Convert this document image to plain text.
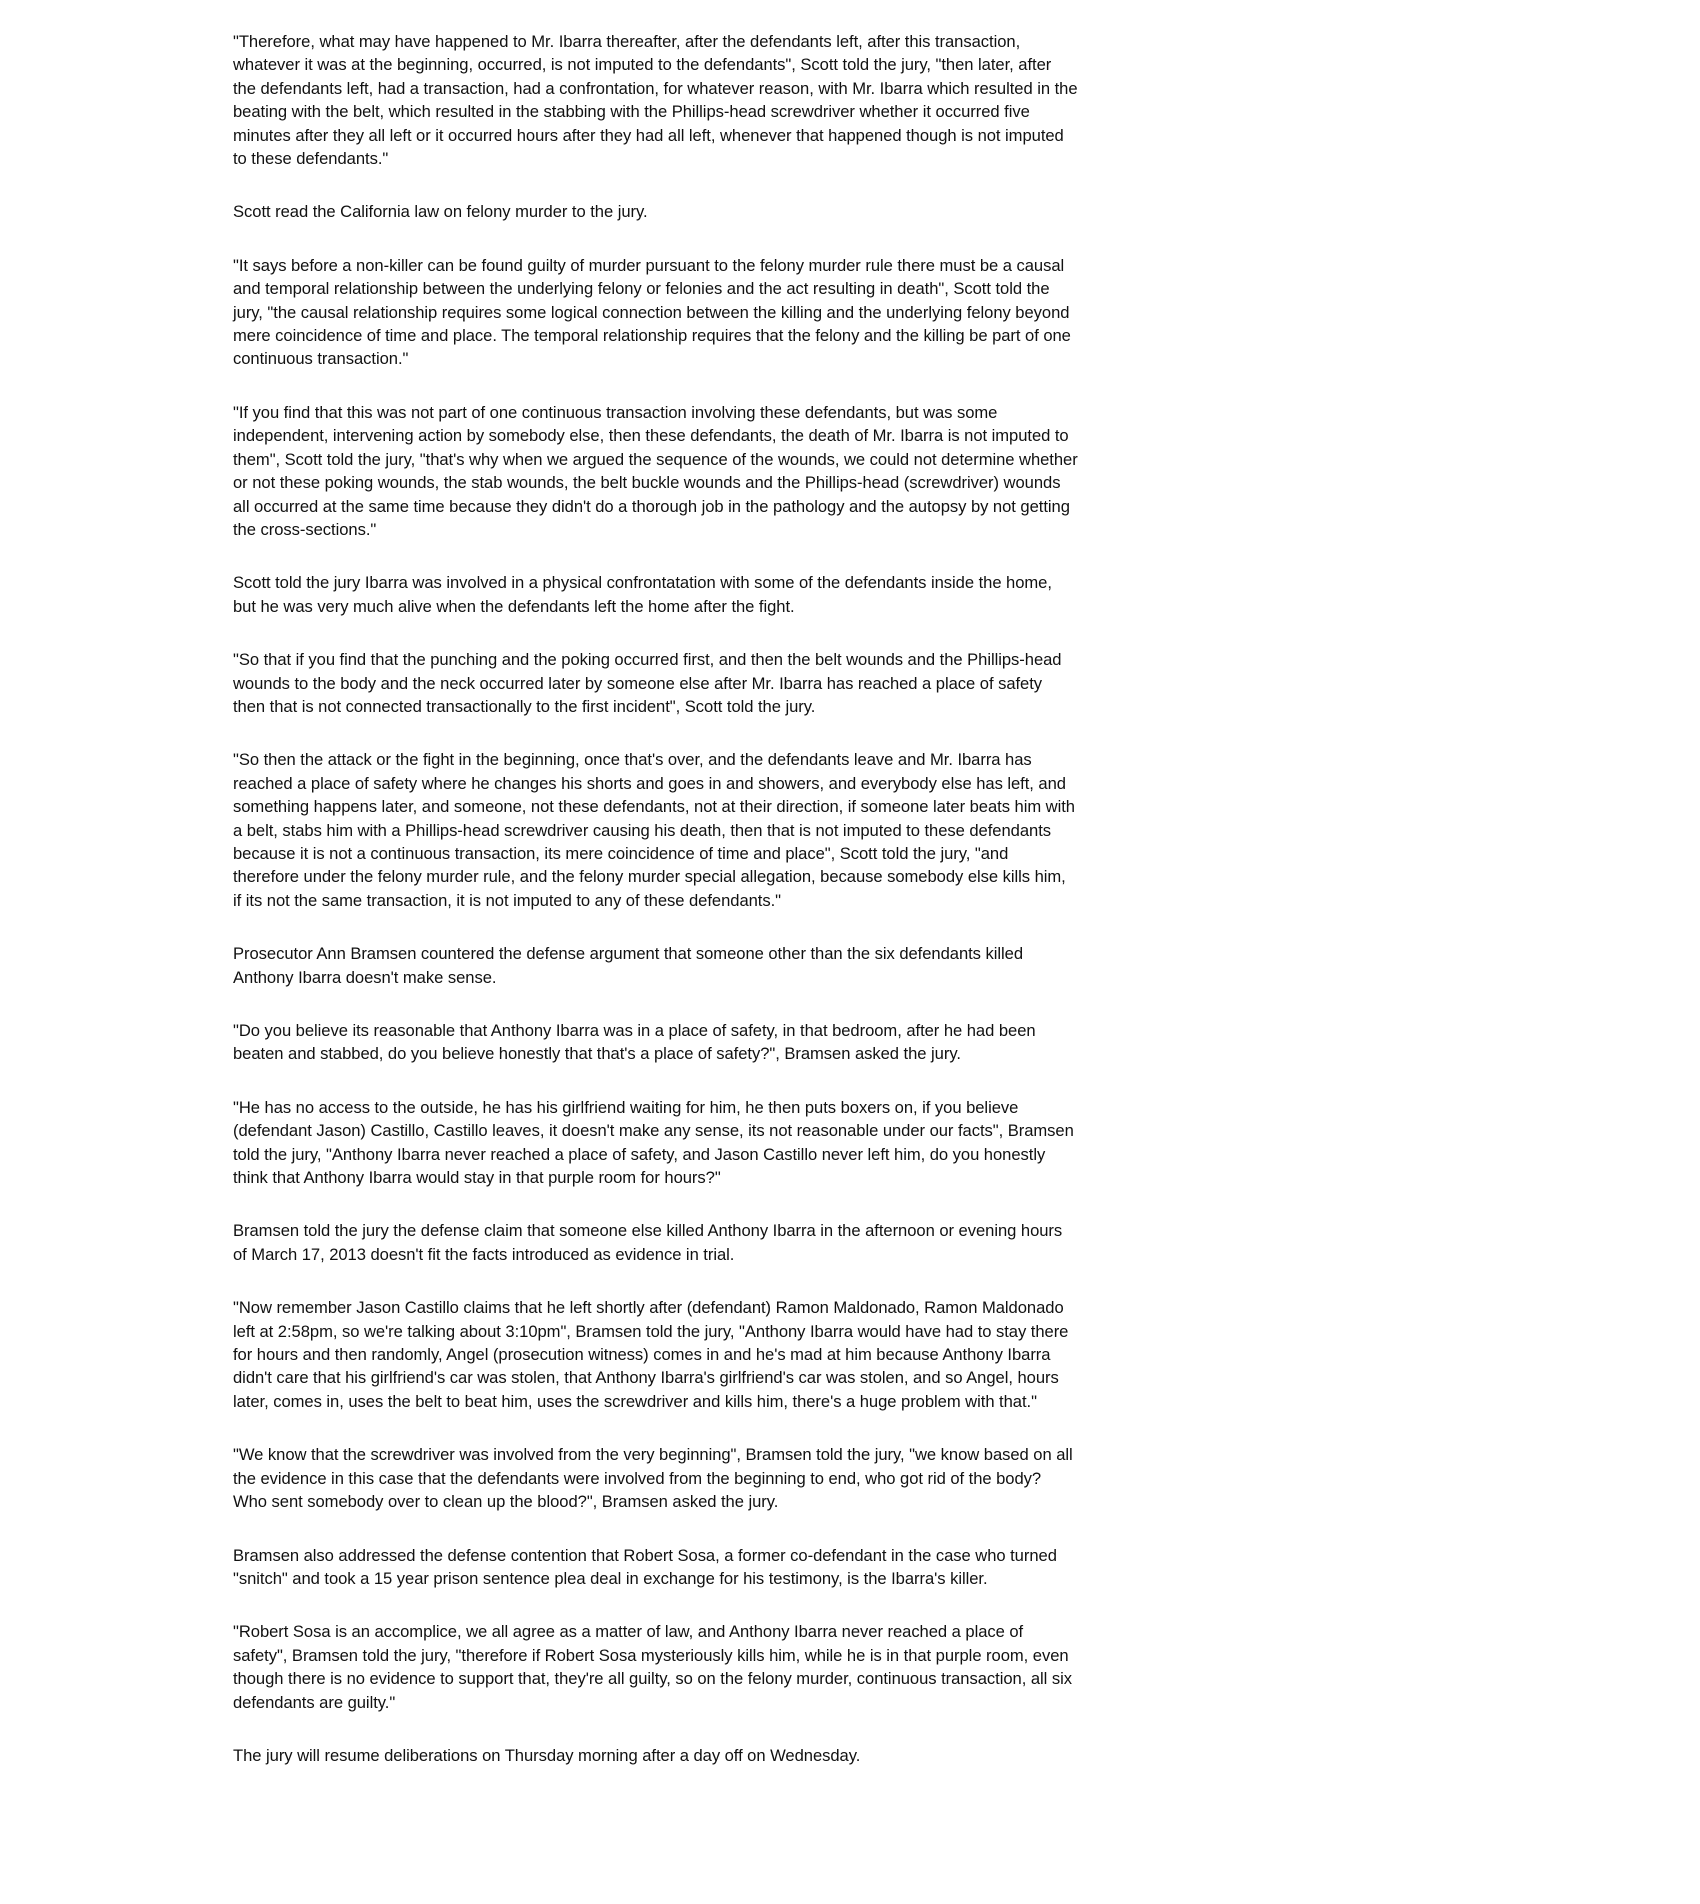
"Therefore, what may have happened to Mr. Ibarra thereafter, after the defendants left, after this transaction, whatever it was at the beginning, occurred, is not imputed to the defendants", Scott told the jury, "then later, after the defendants left, had a transaction, had a confrontation, for whatever reason, with Mr. Ibarra which resulted in the beating with the belt, which resulted in the stabbing with the Phillips-head screwdriver whether it occurred five minutes after they all left or it occurred hours after they had all left, whenever that happened though is not imputed to these defendants."

Scott read the California law on felony murder to the jury.

"It says before a non-killer can be found guilty of murder pursuant to the felony murder rule there must be a causal and temporal relationship between the underlying felony or felonies and the act resulting in death", Scott told the jury, "the causal relationship requires some logical connection between the killing and the underlying felony beyond mere coincidence of time and place. The temporal relationship requires that the felony and the killing be part of one continuous transaction."

"If you find that this was not part of one continuous transaction involving these defendants, but was some independent, intervening action by somebody else, then these defendants, the death of Mr. Ibarra is not imputed to them", Scott told the jury, "that's why when we argued the sequence of the wounds, we could not determine whether or not these poking wounds, the stab wounds, the belt buckle wounds and the Phillips-head (screwdriver) wounds all occurred at the same time because they didn't do a thorough job in the pathology and the autopsy by not getting the cross-sections."

Scott told the jury Ibarra was involved in a physical confrontatation with some of the defendants inside the home, but he was very much alive when the defendants left the home after the fight.

"So that if you find that the punching and the poking occurred first, and then the belt wounds and the Phillips-head wounds to the body and the neck occurred later by someone else after Mr. Ibarra has reached a place of safety then that is not connected transactionally to the first incident", Scott told the jury.

"So then the attack or the fight in the beginning, once that's over, and the defendants leave and Mr. Ibarra has reached a place of safety where he changes his shorts and goes in and showers, and everybody else has left, and something happens later, and someone, not these defendants, not at their direction, if someone later beats him with a belt, stabs him with a Phillips-head screwdriver causing his death, then that is not imputed to these defendants because it is not a continuous transaction, its mere coincidence of time and place", Scott told the jury, "and therefore under the felony murder rule, and the felony murder special allegation, because somebody else kills him, if its not the same transaction, it is not imputed to any of these defendants."

Prosecutor Ann Bramsen countered the defense argument that someone other than the six defendants killed Anthony Ibarra doesn't make sense.

"Do you believe its reasonable that Anthony Ibarra was in a place of safety, in that bedroom, after he had been beaten and stabbed, do you believe honestly that that's a place of safety?", Bramsen asked the jury.

"He has no access to the outside, he has his girlfriend waiting for him, he then puts boxers on, if you believe (defendant Jason) Castillo, Castillo leaves, it doesn't make any sense, its not reasonable under our facts", Bramsen told the jury, "Anthony Ibarra never reached a place of safety, and Jason Castillo never left him, do you honestly think that Anthony Ibarra would stay in that purple room for hours?"

Bramsen told the jury the defense claim that someone else killed Anthony Ibarra in the afternoon or evening hours of March 17, 2013 doesn't fit the facts introduced as evidence in trial.

"Now remember Jason Castillo claims that he left shortly after (defendant) Ramon Maldonado, Ramon Maldonado left at 2:58pm, so we're talking about 3:10pm", Bramsen told the jury, "Anthony Ibarra would have had to stay there for hours and then randomly, Angel (prosecution witness) comes in and he's mad at him because Anthony Ibarra didn't care that his girlfriend's car was stolen, that Anthony Ibarra's girlfriend's car was stolen, and so Angel, hours later, comes in, uses the belt to beat him, uses the screwdriver and kills him, there's a huge problem with that."

"We know that the screwdriver was involved from the very beginning", Bramsen told the jury, "we know based on all the evidence in this case that the defendants were involved from the beginning to end, who got rid of the body? Who sent somebody over to clean up the blood?", Bramsen asked the jury.

Bramsen also addressed the defense contention that Robert Sosa, a former co-defendant in the case who turned "snitch" and took a 15 year prison sentence plea deal in exchange for his testimony, is the Ibarra's killer.

"Robert Sosa is an accomplice, we all agree as a matter of law, and Anthony Ibarra never reached a place of safety", Bramsen told the jury, "therefore if Robert Sosa mysteriously kills him, while he is in that purple room, even though there is no evidence to support that, they're all guilty, so on the felony murder, continuous transaction, all six defendants are guilty."

The jury will resume deliberations on Thursday morning after a day off on Wednesday.
